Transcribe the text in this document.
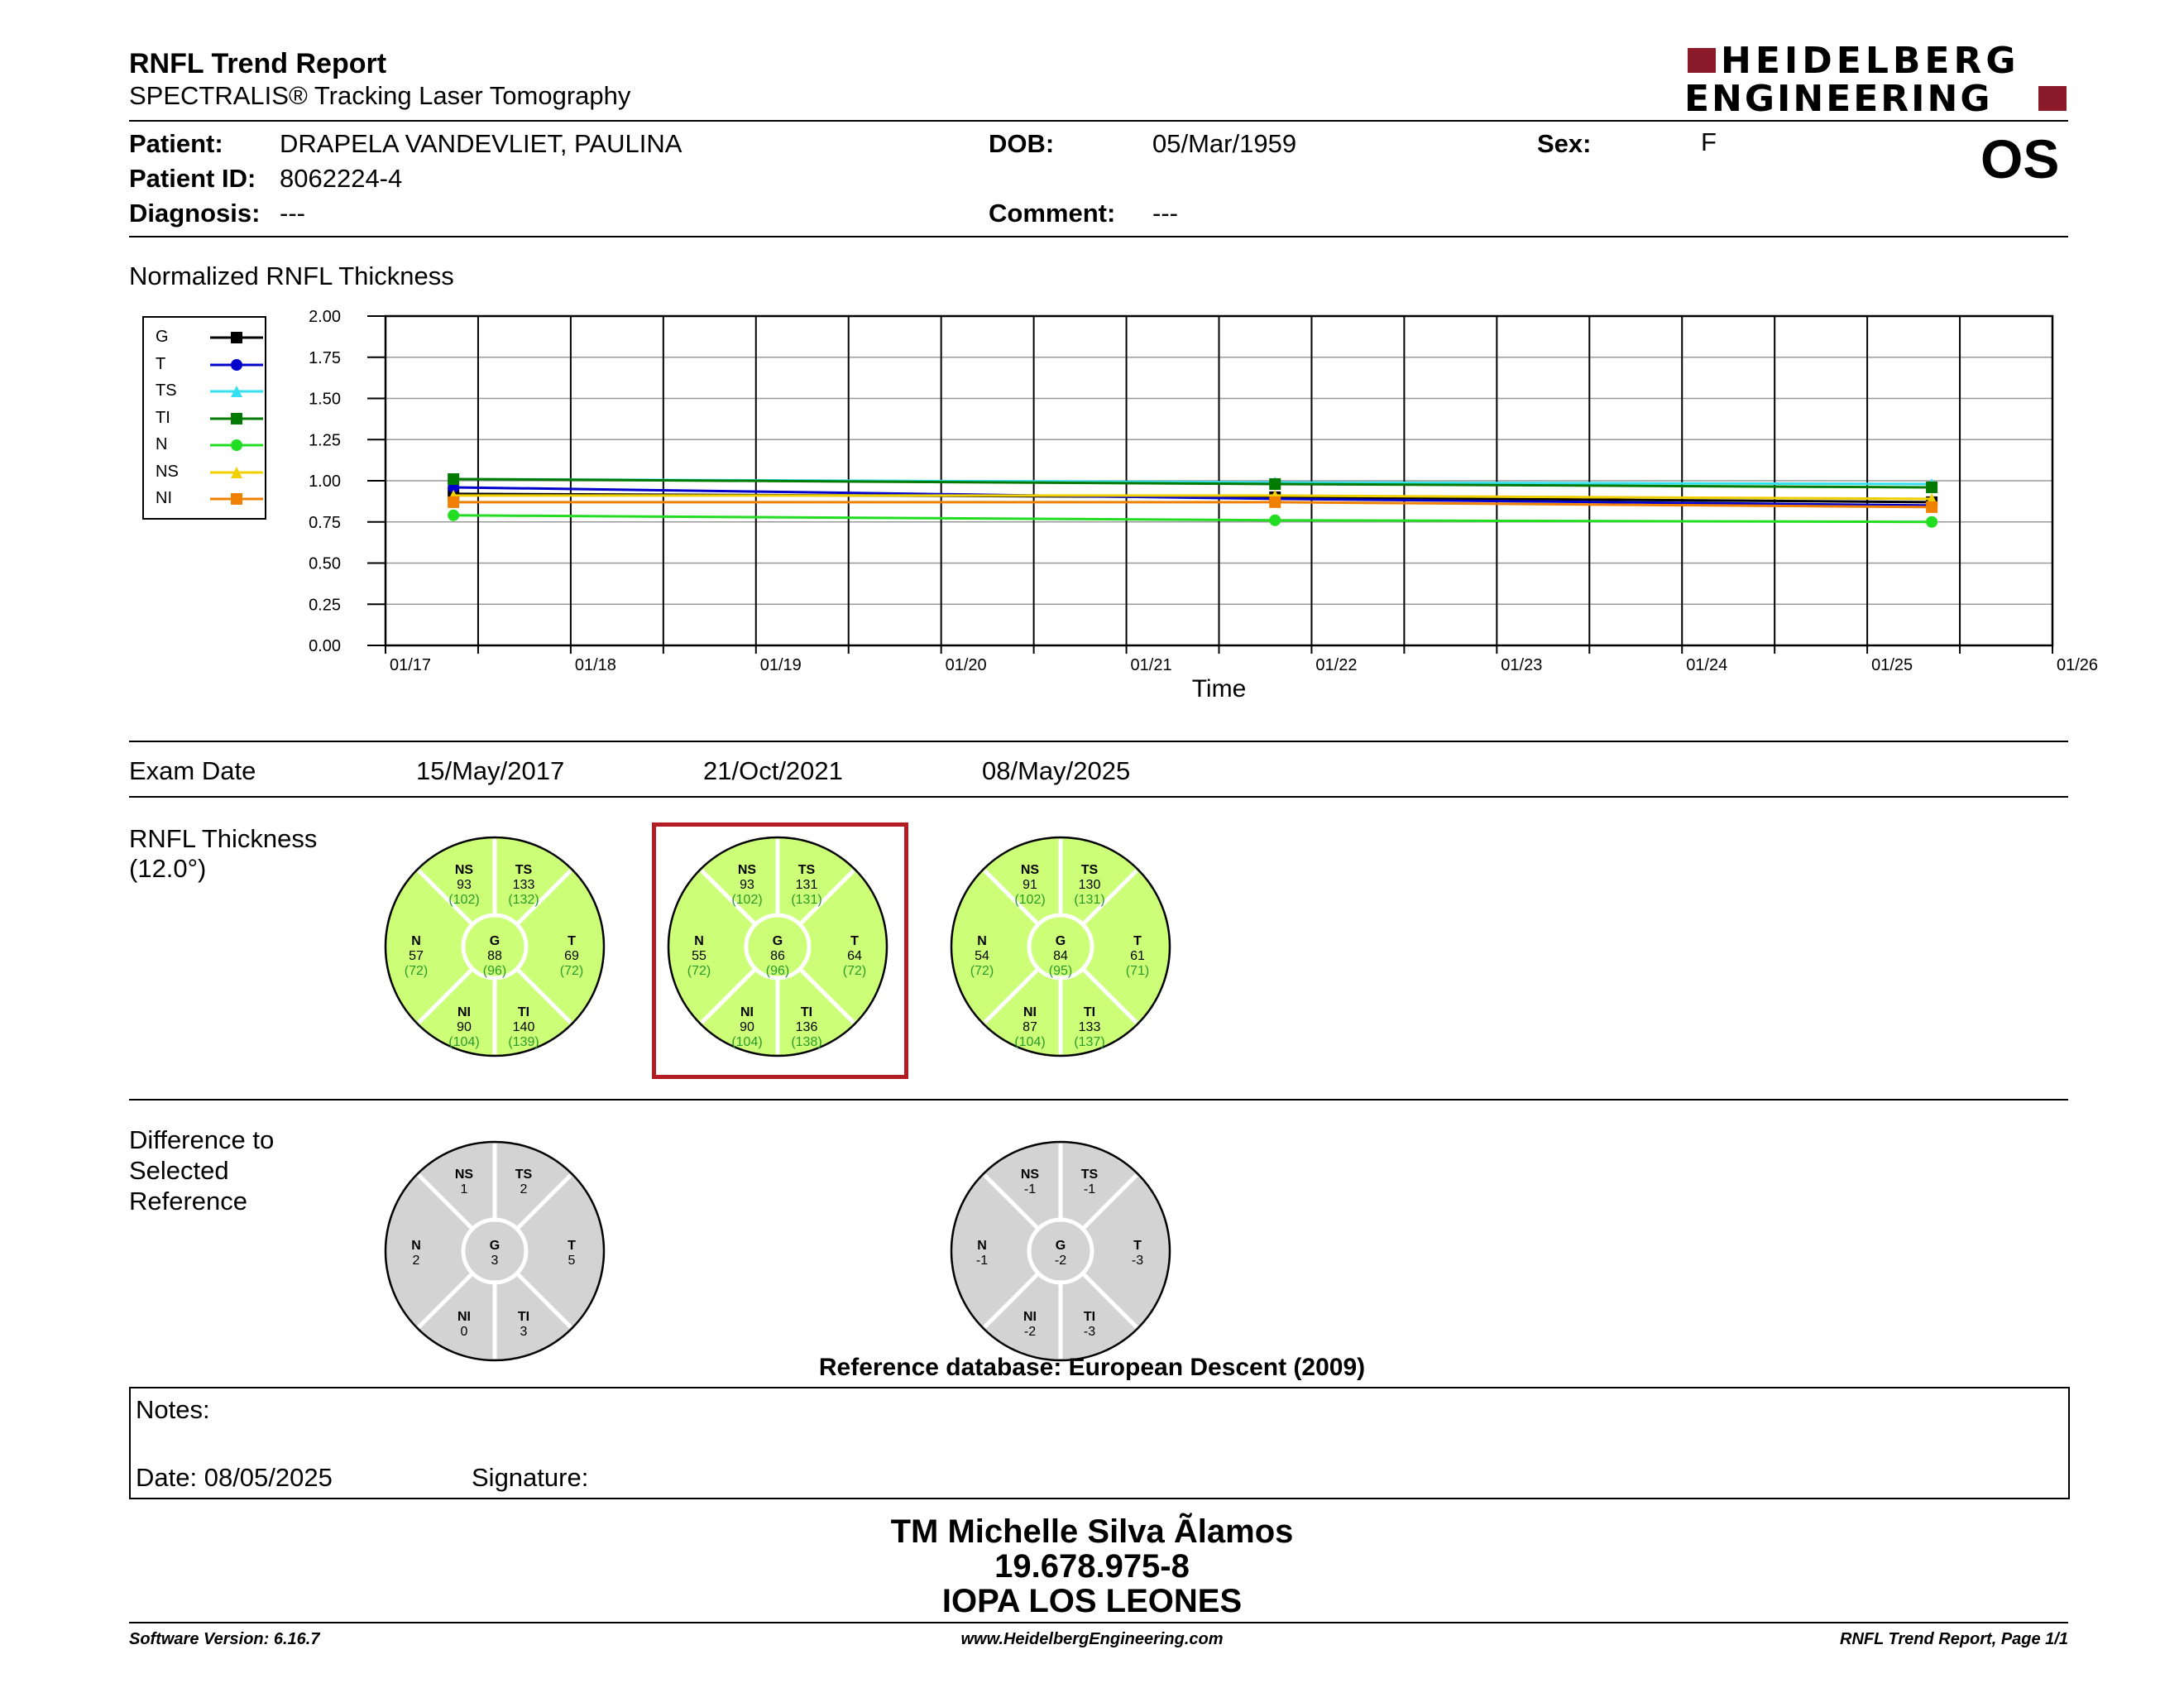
RNFL Trend Report
SPECTRALIS® Tracking Laser Tomography
HEIDELBERG
ENGINEERING
Patient: DRAPELA VANDEVLIET, PAULINA
Patient ID: 8062224-4
Diagnosis: ---
DOB:	05/Mar/1959
Comment: ---
Sex:	F	OS
Normalized RNFL Thickness
0.00
0.25
0.50
0.75
1.00
1.25
1.50
1.75
2.00
01/17	01/18	01/19	01/20	01/21	01/22	01/23	01/24	01/25	01/26
Time
G
T
TS
TI
N
NS
NI
Exam Date	15/May/2017	21/Oct/2021	08/May/2025
RNFL Thickness
(12.0°)	NS
93
(102)
TS
133
(132)
N
57
(72)
G
88
(96)
T
69
(72)
NI
90
(104)
TI
140
(139)
NS
93
(102)
TS
131
(131)
N
55
(72)
G
86
(96)
T
64
(72)
NI
90
(104)
TI
136
(138)
NS
91
(102)
TS
130
(131)
N
54
(72)
G
84
(95)
T
61
(71)
NI
87
(104)
TI
133
(137)
Difference to
Selected
Reference
NS
1
TS
2
N
2
G
3
T
5
NI
0
TI
3
NS
-1
TS
-1
N
-1
G
-2
T
-3
NI
-2
TI
-3
Reference database: European Descent (2009)
Notes:
Date: 08/05/2025	Signature:
TM Michelle Silva Ãlamos
19.678.975-8
IOPA LOS LEONES
Software Version: 6.16.7	www.HeidelbergEngineering.com	RNFL Trend Report, Page 1/1
